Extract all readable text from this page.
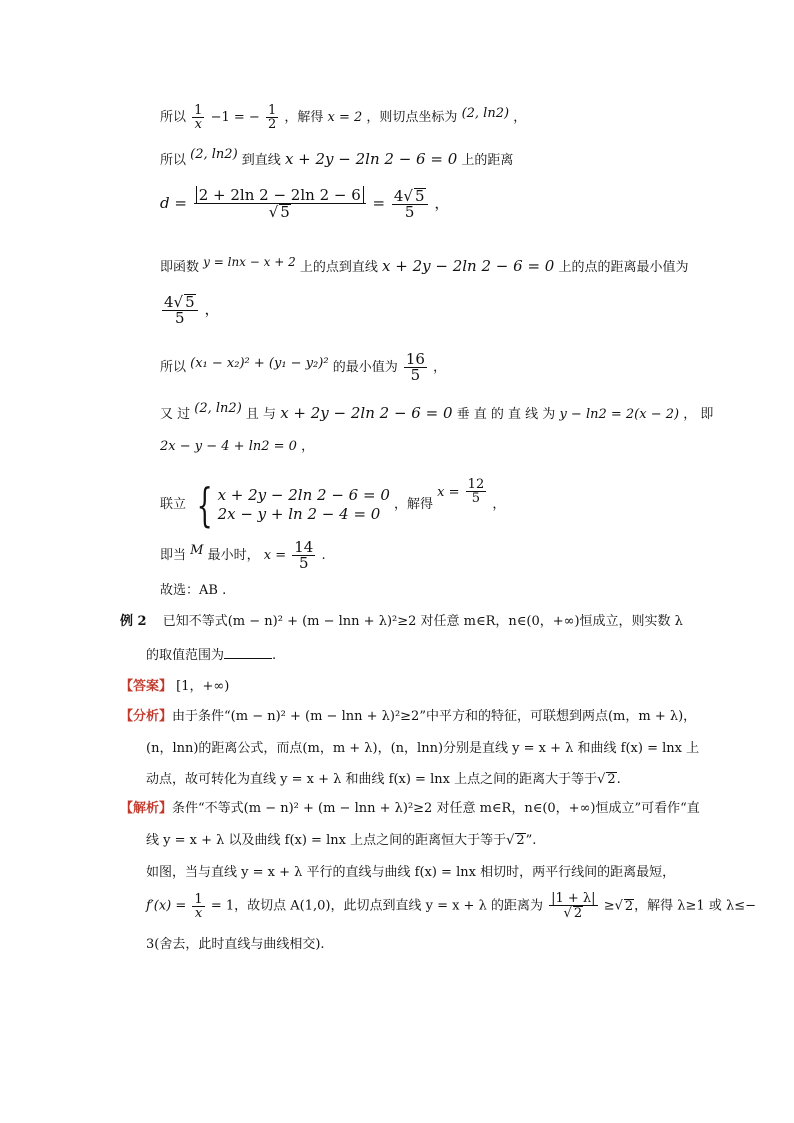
所以 $\frac{1}{x} -1$ = − $\frac{1}{2}$ ，解得 x = 2 ，则切点坐标为 (2, ln2) ，
所以 (2, ln2) 到直线 x + 2y − 2ln 2 − 6 = 0 上的距离
$d = \frac{2 + 2\ln 2 - 2\ln 2 - 6}{√ 5} = \frac{4√ 5}{5}$ ，
即函数 y = lnx − x + 2 上的点到直线 x + 2y − 2ln 2 − 6 = 0 上的点的距离最小值为
$\frac{4√ 5}{5}$ ，
所以 (x₁ − x₂)² + (y₁ − y₂)² 的最小值为 $\frac{16}{5}$ ，
又 过 (2, ln2) 且 与 x + 2y − 2ln 2 − 6 = 0 垂 直 的 直 线 为 y − ln2 = 2(x − 2) ， 即
2x − y − 4 + ln2 = 0 ，
联立 { x + 2y − 2ln 2 − 6 = 0
2x − y + ln 2 − 4 = 0	，解得 $x = \frac{12}{5}$ ，
即当 M 最小时， $x = \frac{14}{5}$ .
故选：AB .
例 2 已知不等式(m − n)² + (m − lnn + λ)²≥2 对任意 m∈R，n∈(0，+∞)恒成立，则实数 λ
的取值范围为	.
【答案】 [1，+∞)
【分析】由于条件“(m − n)² + (m − lnn + λ)²≥2”中平方和的特征，可联想到两点(m，m + λ)，
(n，lnn)的距离公式，而点(m，m + λ)，(n，lnn)分别是直线 y = x + λ 和曲线 f(x) = lnx 上
动点，故可转化为直线 y = x + λ 和曲线 f(x) = lnx 上点之间的距离大于等于√ 2.
【解析】条件“不等式(m − n)² + (m − lnn + λ)²≥2 对任意 m∈R，n∈(0，+∞)恒成立”可看作“直
线 y = x + λ 以及曲线 f(x) = lnx 上点之间的距离恒大于等于√ 2”.
如图，当与直线 y = x + λ 平行的直线与曲线 f(x) = lnx 相切时，两平行线间的距离最短，
$f'(x) = \frac{1}{x} = 1$，故切点 A(1,0)，此切点到直线 y = x + λ 的距离为 $\frac{|1 + \lambda|}{√ 2}$ ≥√ 2，解得 λ≥1 或 λ≤−
3(舍去，此时直线与曲线相交).
